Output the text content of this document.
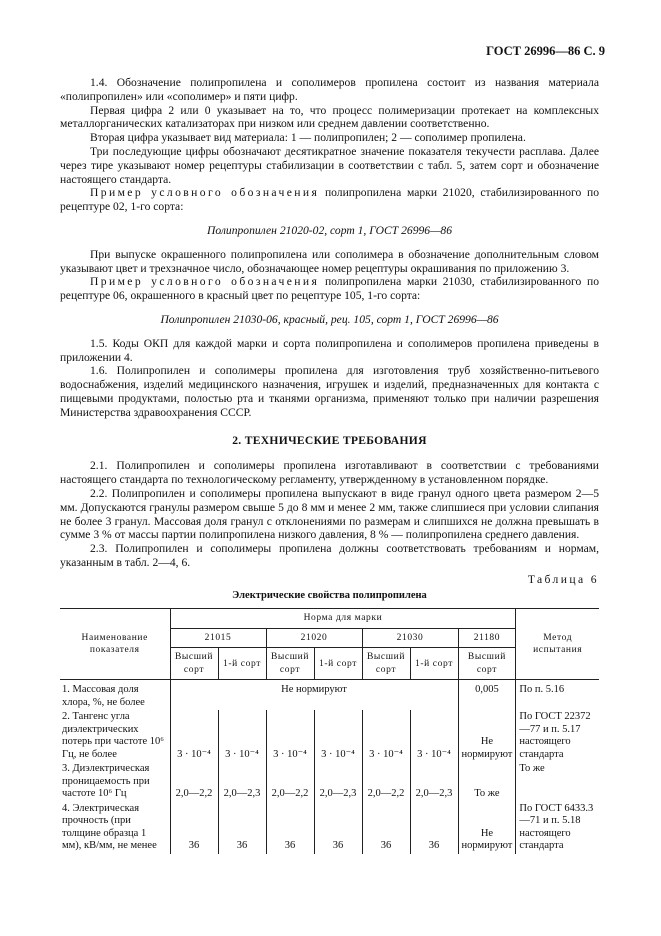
ГОСТ 26996—86 С. 9

1.4. Обозначение полипропилена и сополимеров пропилена состоит из названия материала «полипропилен» или «сополимер» и пяти цифр.

Первая цифра 2 или 0 указывает на то, что процесс полимеризации протекает на комплексных металлорганических катализаторах при низком или среднем давлении соответственно.

Вторая цифра указывает вид материала: 1 — полипропилен; 2 — сополимер пропилена.

Три последующие цифры обозначают десятикратное значение показателя текучести расплава. Далее через тире указывают номер рецептуры стабилизации в соответствии с табл. 5, затем сорт и обозначение настоящего стандарта.

Пример условного обозначения полипропилена марки 21020, стабилизированного по рецептуре 02, 1-го сорта:

Полипропилен 21020-02, сорт 1, ГОСТ 26996—86

При выпуске окрашенного полипропилена или сополимера в обозначение дополнительным словом указывают цвет и трехзначное число, обозначающее номер рецептуры окрашивания по приложению 3.

Пример условного обозначения полипропилена марки 21030, стабилизированного по рецептуре 06, окрашенного в красный цвет по рецептуре 105, 1-го сорта:

Полипропилен 21030-06, красный, рец. 105, сорт 1, ГОСТ 26996—86

1.5. Коды ОКП для каждой марки и сорта полипропилена и сополимеров пропилена приведены в приложении 4.

1.6. Полипропилен и сополимеры пропилена для изготовления труб хозяйственно-питьевого водоснабжения, изделий медицинского назначения, игрушек и изделий, предназначенных для контакта с пищевыми продуктами, полостью рта и тканями организма, применяют только при наличии разрешения Министерства здравоохранения СССР.

2. ТЕХНИЧЕСКИЕ ТРЕБОВАНИЯ

2.1. Полипропилен и сополимеры пропилена изготавливают в соответствии с требованиями настоящего стандарта по технологическому регламенту, утвержденному в установленном порядке.

2.2. Полипропилен и сополимеры пропилена выпускают в виде гранул одного цвета размером 2—5 мм. Допускаются гранулы размером свыше 5 до 8 мм и менее 2 мм, также слипшиеся при условии слипания не более 3 гранул. Массовая доля гранул с отклонениями по размерам и слипшихся не должна превышать в сумме 3 % от массы партии полипропилена низкого давления, 8 % — полипропилена среднего давления.

2.3. Полипропилен и сополимеры пропилена должны соответствовать требованиям и нормам, указанным в табл. 2—4, 6.

Таблица 6

Электрические свойства полипропилена

Наименование показателя	Норма для марки							Метод испытания
	21015		21020		21030		21180	
	Высший сорт	1-й сорт	Высший сорт	1-й сорт	Высший сорт	1-й сорт	Высший сорт	
1. Массовая доля хлора, %, не более	Не нормируют						0,005	По п. 5.16
2. Тангенс угла диэлектрических потерь при частоте 10⁶ Гц, не более	3 · 10⁻⁴	3 · 10⁻⁴	3 · 10⁻⁴	3 · 10⁻⁴	3 · 10⁻⁴	3 · 10⁻⁴	Не нормируют	По ГОСТ 22372—77 и п. 5.17 настоящего стандарта
3. Диэлектрическая проницаемость при частоте 10⁶ Гц	2,0—2,2	2,0—2,3	2,0—2,2	2,0—2,3	2,0—2,2	2,0—2,3	То же	То же
4. Электрическая прочность (при толщине образца 1 мм), кВ/мм, не менее	36	36	36	36	36	36	Не нормируют	По ГОСТ 6433.3—71 и п. 5.18 настоящего стандарта
